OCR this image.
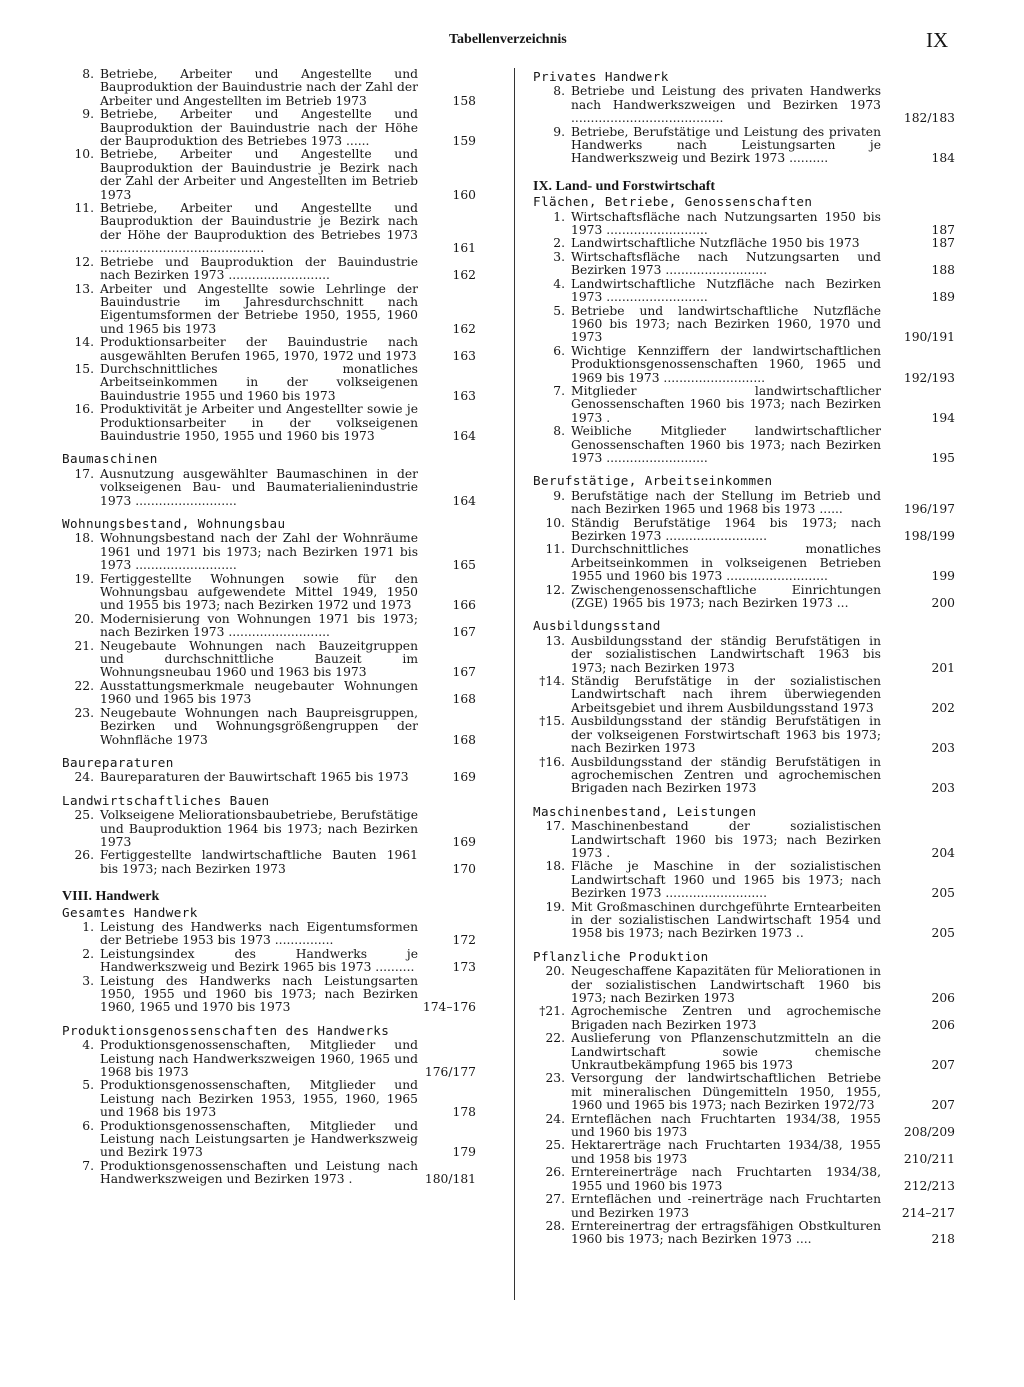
Tabellenverzeichnis	IX
8. Betriebe, Arbeiter und Angestellte und Bauproduktion der Bauindustrie nach der Zahl der Arbeiter und Angestellten im Betrieb 1973	158
9. Betriebe, Arbeiter und Angestellte und Bauproduktion der Bauindustrie nach der Höhe der Bauproduktion des Betriebes 1973 ......	159
10. Betriebe, Arbeiter und Angestellte und Bauproduktion der Bauindustrie je Bezirk nach der Zahl der Arbeiter und Angestellten im Betrieb 1973	160
11. Betriebe, Arbeiter und Angestellte und Bauproduktion der Bauindustrie je Bezirk nach der Höhe der Bauproduktion des Betriebes 1973 ..........................................	161
12. Betriebe und Bauproduktion der Bauindustrie nach Bezirken 1973 ..........................	162
13. Arbeiter und Angestellte sowie Lehrlinge der Bauindustrie im Jahresdurchschnitt nach Eigentumsformen der Betriebe 1950, 1955, 1960 und 1965 bis 1973	162
14. Produktionsarbeiter der Bauindustrie nach ausgewählten Berufen 1965, 1970, 1972 und 1973	163
15. Durchschnittliches monatliches Arbeitseinkommen in der volkseigenen Bauindustrie 1955 und 1960 bis 1973	163
16. Produktivität je Arbeiter und Angestellter sowie je Produktionsarbeiter in der volkseigenen Bauindustrie 1950, 1955 und 1960 bis 1973	164
Baumaschinen
17. Ausnutzung ausgewählter Baumaschinen in der volkseigenen Bau- und Baumaterialienindustrie 1973 ..........................	164
Wohnungsbestand, Wohnungsbau
18. Wohnungsbestand nach der Zahl der Wohnräume 1961 und 1971 bis 1973; nach Bezirken 1971 bis 1973 ..........................	165
19. Fertiggestellte Wohnungen sowie für den Wohnungsbau aufgewendete Mittel 1949, 1950 und 1955 bis 1973; nach Bezirken 1972 und 1973	166
20. Modernisierung von Wohnungen 1971 bis 1973; nach Bezirken 1973 ..........................	167
21. Neugebaute Wohnungen nach Bauzeitgruppen und durchschnittliche Bauzeit im Wohnungsneubau 1960 und 1963 bis 1973	167
22. Ausstattungsmerkmale neugebauter Wohnungen 1960 und 1965 bis 1973	168
23. Neugebaute Wohnungen nach Baupreisgruppen, Bezirken und Wohnungsgrößengruppen der Wohnfläche 1973	168
Baureparaturen
24. Baureparaturen der Bauwirtschaft 1965 bis 1973	169
Landwirtschaftliches Bauen
25. Volkseigene Meliorationsbaubetriebe, Berufstätige und Bauproduktion 1964 bis 1973; nach Bezirken 1973	169
26. Fertiggestellte landwirtschaftliche Bauten 1961 bis 1973; nach Bezirken 1973	170
VIII. Handwerk
Gesamtes Handwerk
1. Leistung des Handwerks nach Eigentumsformen der Betriebe 1953 bis 1973 ...............	172
2. Leistungsindex des Handwerks je Handwerkszweig und Bezirk 1965 bis 1973 ..........	173
3. Leistung des Handwerks nach Leistungsarten 1950, 1955 und 1960 bis 1973; nach Bezirken 1960, 1965 und 1970 bis 1973	174–176
Produktionsgenossenschaften des Handwerks
4. Produktionsgenossenschaften, Mitglieder und Leistung nach Handwerkszweigen 1960, 1965 und 1968 bis 1973	176/177
5. Produktionsgenossenschaften, Mitglieder und Leistung nach Bezirken 1953, 1955, 1960, 1965 und 1968 bis 1973	178
6. Produktionsgenossenschaften, Mitglieder und Leistung nach Leistungsarten je Handwerkszweig und Bezirk 1973	179
7. Produktionsgenossenschaften und Leistung nach Handwerkszweigen und Bezirken 1973 .	180/181
Privates Handwerk
8. Betriebe und Leistung des privaten Handwerks nach Handwerkszweigen und Bezirken 1973 .......................................	182/183
9. Betriebe, Berufstätige und Leistung des privaten Handwerks nach Leistungsarten je Handwerkszweig und Bezirk 1973 ..........	184
IX. Land- und Forstwirtschaft
Flächen, Betriebe, Genossenschaften
1. Wirtschaftsfläche nach Nutzungsarten 1950 bis 1973 ..........................	187
2. Landwirtschaftliche Nutzfläche 1950 bis 1973	187
3. Wirtschaftsfläche nach Nutzungsarten und Bezirken 1973 ..........................	188
4. Landwirtschaftliche Nutzfläche nach Bezirken 1973 ..........................	189
5. Betriebe und landwirtschaftliche Nutzfläche 1960 bis 1973; nach Bezirken 1960, 1970 und 1973	190/191
6. Wichtige Kennziffern der landwirtschaftlichen Produktionsgenossenschaften 1960, 1965 und 1969 bis 1973 ..........................	192/193
7. Mitglieder landwirtschaftlicher Genossenschaften 1960 bis 1973; nach Bezirken 1973 .	194
8. Weibliche Mitglieder landwirtschaftlicher Genossenschaften 1960 bis 1973; nach Bezirken 1973 ..........................	195
Berufstätige, Arbeitseinkommen
9. Berufstätige nach der Stellung im Betrieb und nach Bezirken 1965 und 1968 bis 1973 ......	196/197
10. Ständig Berufstätige 1964 bis 1973; nach Bezirken 1973 ..........................	198/199
11. Durchschnittliches monatliches Arbeitseinkommen in volkseigenen Betrieben 1955 und 1960 bis 1973 ..........................	199
12. Zwischengenossenschaftliche Einrichtungen (ZGE) 1965 bis 1973; nach Bezirken 1973 ...	200
Ausbildungsstand
13. Ausbildungsstand der ständig Berufstätigen in der sozialistischen Landwirtschaft 1963 bis 1973; nach Bezirken 1973	201
†14. Ständig Berufstätige in der sozialistischen Landwirtschaft nach ihrem überwiegenden Arbeitsgebiet und ihrem Ausbildungsstand 1973	202
†15. Ausbildungsstand der ständig Berufstätigen in der volkseigenen Forstwirtschaft 1963 bis 1973; nach Bezirken 1973	203
†16. Ausbildungsstand der ständig Berufstätigen in agrochemischen Zentren und agrochemischen Brigaden nach Bezirken 1973	203
Maschinenbestand, Leistungen
17. Maschinenbestand der sozialistischen Landwirtschaft 1960 bis 1973; nach Bezirken 1973 .	204
18. Fläche je Maschine in der sozialistischen Landwirtschaft 1960 und 1965 bis 1973; nach Bezirken 1973 ..........................	205
19. Mit Großmaschinen durchgeführte Erntearbeiten in der sozialistischen Landwirtschaft 1954 und 1958 bis 1973; nach Bezirken 1973 ..	205
Pflanzliche Produktion
20. Neugeschaffene Kapazitäten für Meliorationen in der sozialistischen Landwirtschaft 1960 bis 1973; nach Bezirken 1973	206
†21. Agrochemische Zentren und agrochemische Brigaden nach Bezirken 1973	206
22. Auslieferung von Pflanzenschutzmitteln an die Landwirtschaft sowie chemische Unkrautbekämpfung 1965 bis 1973	207
23. Versorgung der landwirtschaftlichen Betriebe mit mineralischen Düngemitteln 1950, 1955, 1960 und 1965 bis 1973; nach Bezirken 1972/73	207
24. Ernteflächen nach Fruchtarten 1934/38, 1955 und 1960 bis 1973	208/209
25. Hektarerträge nach Fruchtarten 1934/38, 1955 und 1958 bis 1973	210/211
26. Erntereinerträge nach Fruchtarten 1934/38, 1955 und 1960 bis 1973	212/213
27. Ernteflächen und -reinerträge nach Fruchtarten und Bezirken 1973	214–217
28. Erntereinertrag der ertragsfähigen Obstkulturen 1960 bis 1973; nach Bezirken 1973 ....	218
